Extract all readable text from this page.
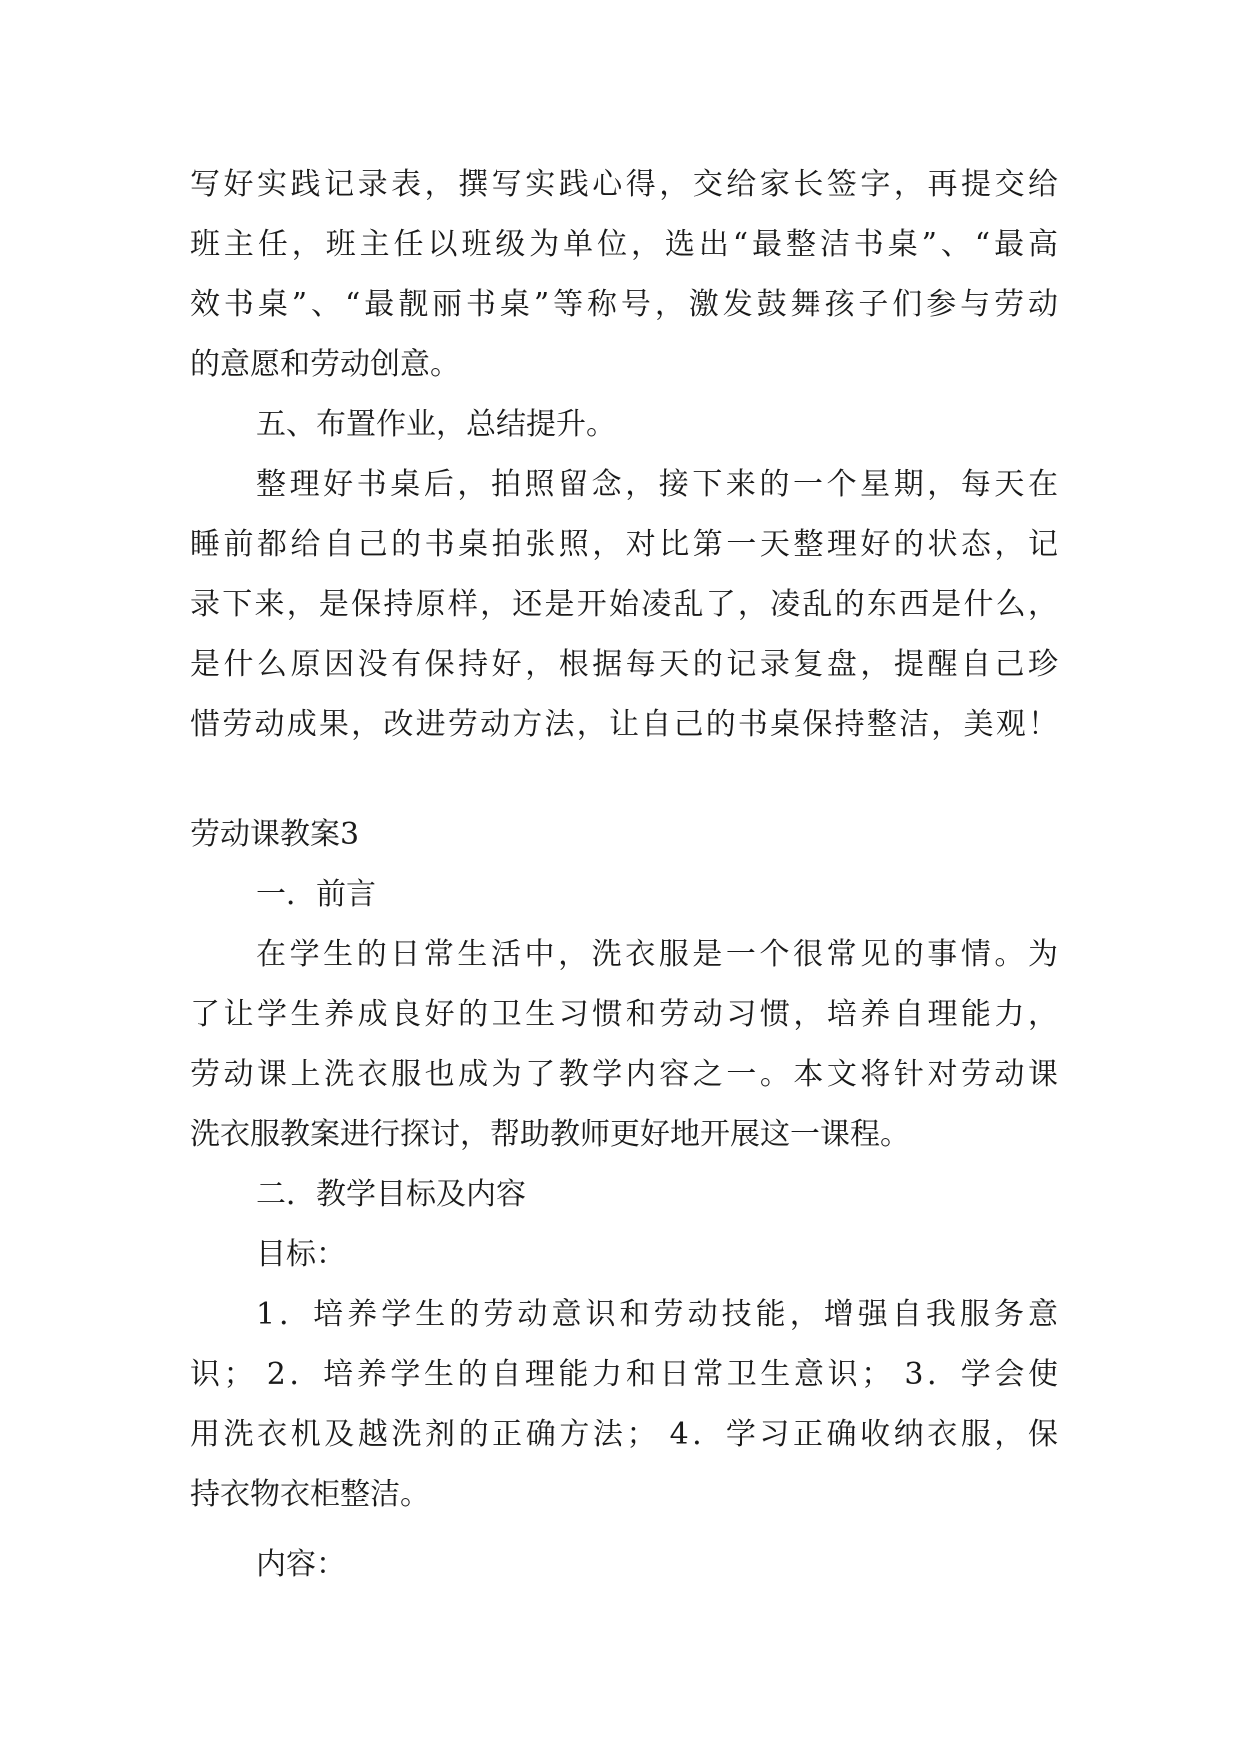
写好实践记录表，撰写实践心得，交给家长签字，再提交给
班主任，班主任以班级为单位，选出“最整洁书桌”、“最高
效书桌”、“最靓丽书桌”等称号，激发鼓舞孩子们参与劳动
的意愿和劳动创意。
五、布置作业，总结提升。
整理好书桌后，拍照留念，接下来的一个星期，每天在
睡前都给自己的书桌拍张照，对比第一天整理好的状态，记
录下来，是保持原样，还是开始凌乱了，凌乱的东西是什么，
是什么原因没有保持好，根据每天的记录复盘，提醒自己珍
惜劳动成果，改进劳动方法，让自己的书桌保持整洁，美观！
劳动课教案3
一．前言
在学生的日常生活中，洗衣服是一个很常见的事情。为
了让学生养成良好的卫生习惯和劳动习惯，培养自理能力，
劳动课上洗衣服也成为了教学内容之一。本文将针对劳动课
洗衣服教案进行探讨，帮助教师更好地开展这一课程。
二．教学目标及内容
目标：
1．培养学生的劳动意识和劳动技能，增强自我服务意
识； 2．培养学生的自理能力和日常卫生意识； 3．学会使
用洗衣机及越洗剂的正确方法； 4．学习正确收纳衣服，保
持衣物衣柜整洁。
内容：
